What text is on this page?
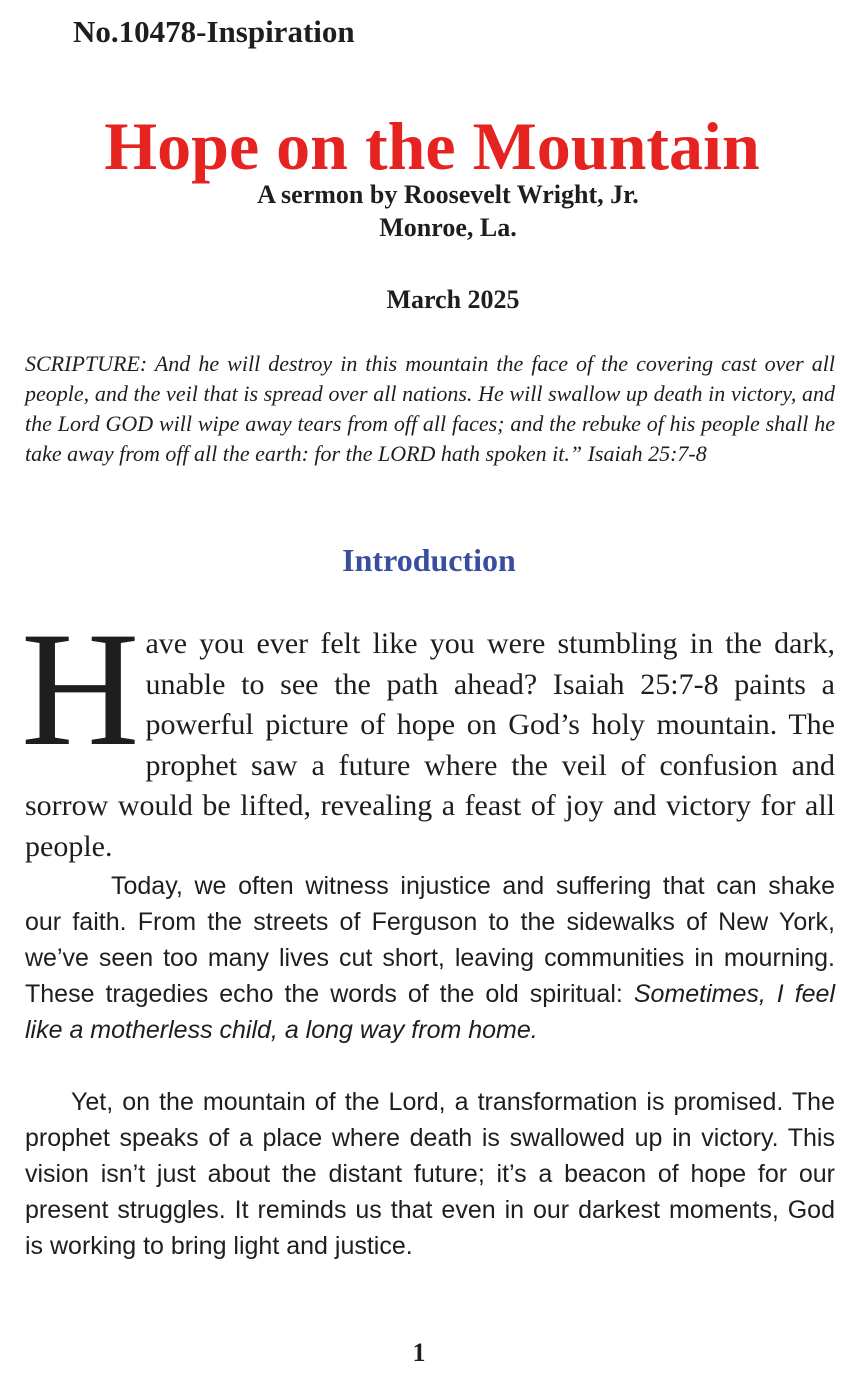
No.10478-Inspiration
Hope on the Mountain
A sermon by Roosevelt Wright, Jr.
Monroe, La.
March 2025

SCRIPTURE: And he will destroy in this mountain the face of the covering cast over all people, and the veil that is spread over all nations. He will swallow up death in victory, and the Lord GOD will wipe away tears from off all faces; and the rebuke of his people shall he take away from off all the earth: for the LORD hath spoken it.” Isaiah 25:7-8

Introduction

Have you ever felt like you were stumbling in the dark, unable to see the path ahead? Isaiah 25:7-8 paints a powerful picture of hope on God’s holy mountain. The prophet saw a future where the veil of confusion and sorrow would be lifted, revealing a feast of joy and victory for all people.

Today, we often witness injustice and suffering that can shake our faith. From the streets of Ferguson to the sidewalks of New York, we’ve seen too many lives cut short, leaving communities in mourning. These tragedies echo the words of the old spiritual: Sometimes, I feel like a motherless child, a long way from home.

Yet, on the mountain of the Lord, a transformation is promised. The prophet speaks of a place where death is swallowed up in victory. This vision isn’t just about the distant future; it’s a beacon of hope for our present struggles. It reminds us that even in our darkest moments, God is working to bring light and justice.

1
